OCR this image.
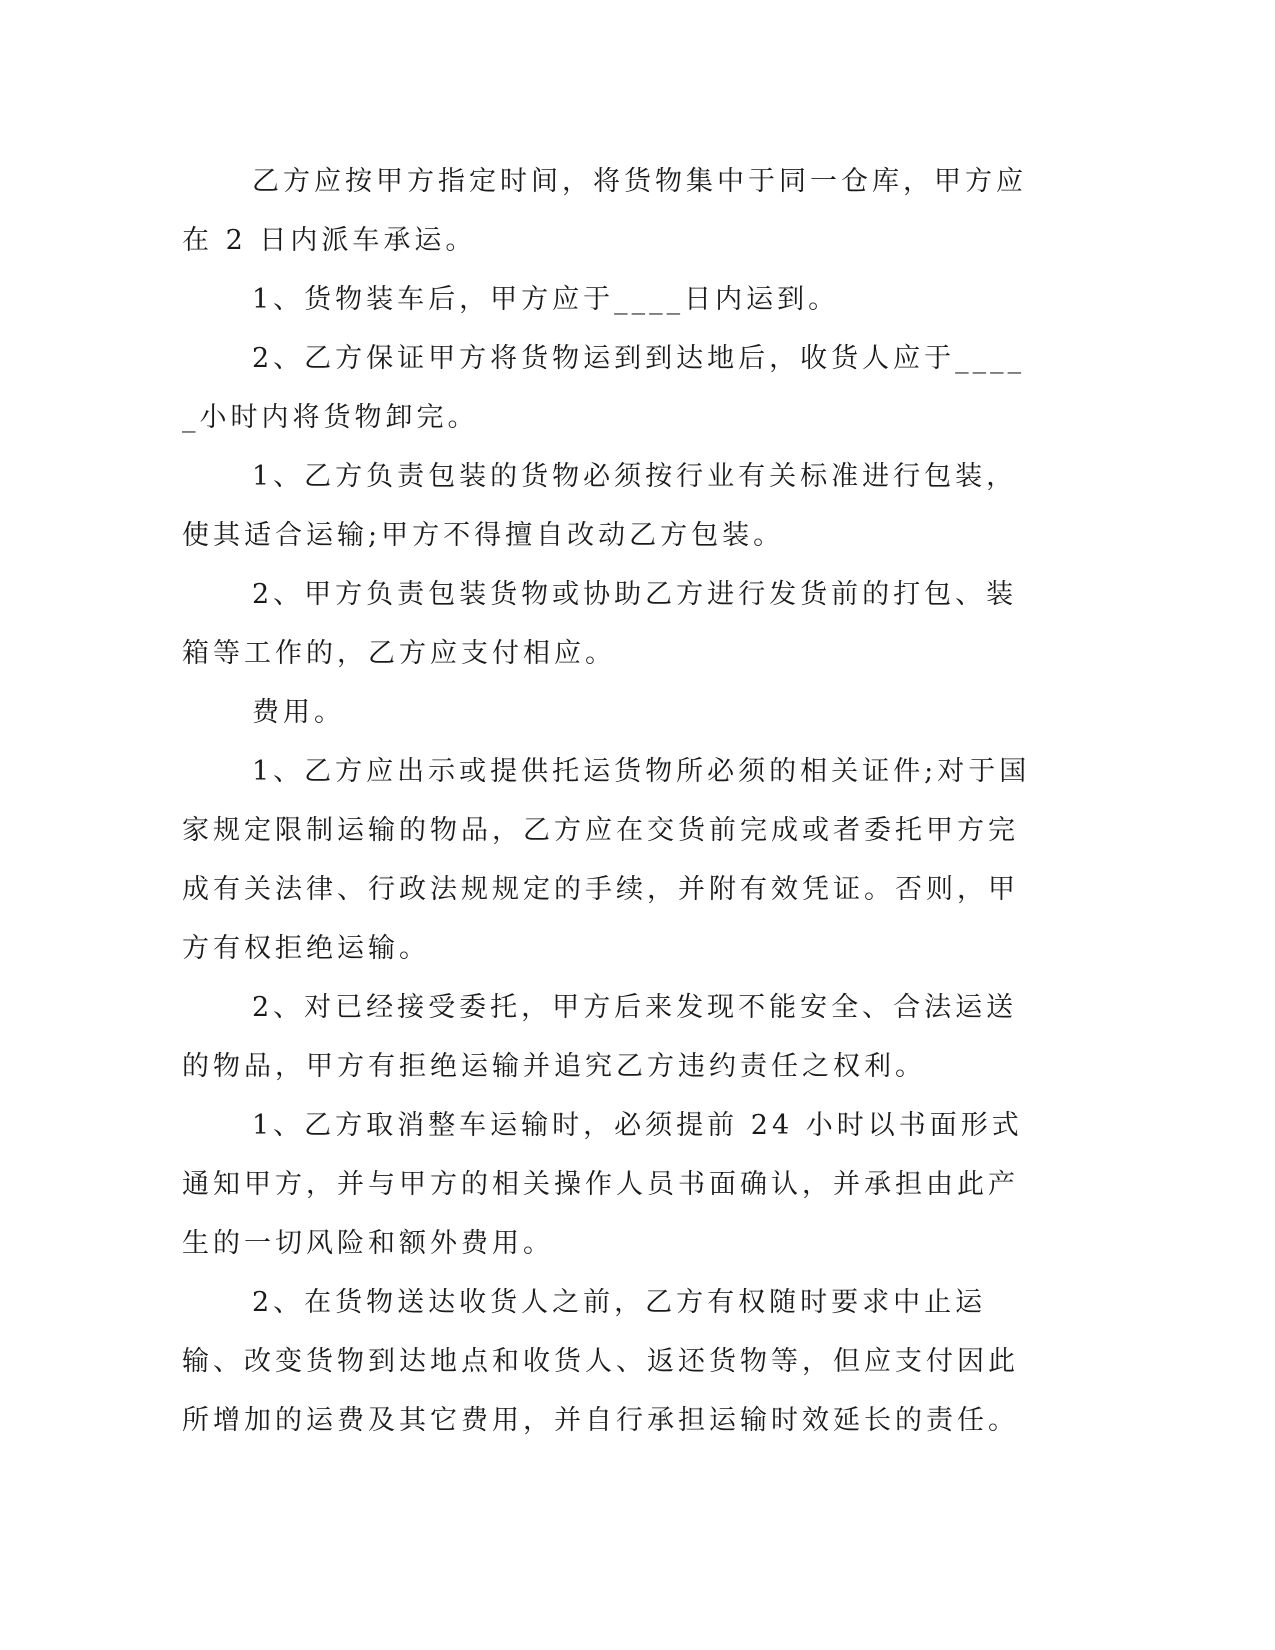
乙方应按甲方指定时间，将货物集中于同一仓库，甲方应在 2 日内派车承运。

1、货物装车后，甲方应于____日内运到。

2、乙方保证甲方将货物运到到达地后，收货人应于_____小时内将货物卸完。

1、乙方负责包装的货物必须按行业有关标准进行包装，使其适合运输;甲方不得擅自改动乙方包装。

2、甲方负责包装货物或协助乙方进行发货前的打包、装箱等工作的，乙方应支付相应。

费用。

1、乙方应出示或提供托运货物所必须的相关证件;对于国家规定限制运输的物品，乙方应在交货前完成或者委托甲方完成有关法律、行政法规规定的手续，并附有效凭证。否则，甲方有权拒绝运输。

2、对已经接受委托，甲方后来发现不能安全、合法运送的物品，甲方有拒绝运输并追究乙方违约责任之权利。

1、乙方取消整车运输时，必须提前 24 小时以书面形式通知甲方，并与甲方的相关操作人员书面确认，并承担由此产生的一切风险和额外费用。

2、在货物送达收货人之前，乙方有权随时要求中止运输、改变货物到达地点和收货人、返还货物等，但应支付因此所增加的运费及其它费用，并自行承担运输时效延长的责任。
